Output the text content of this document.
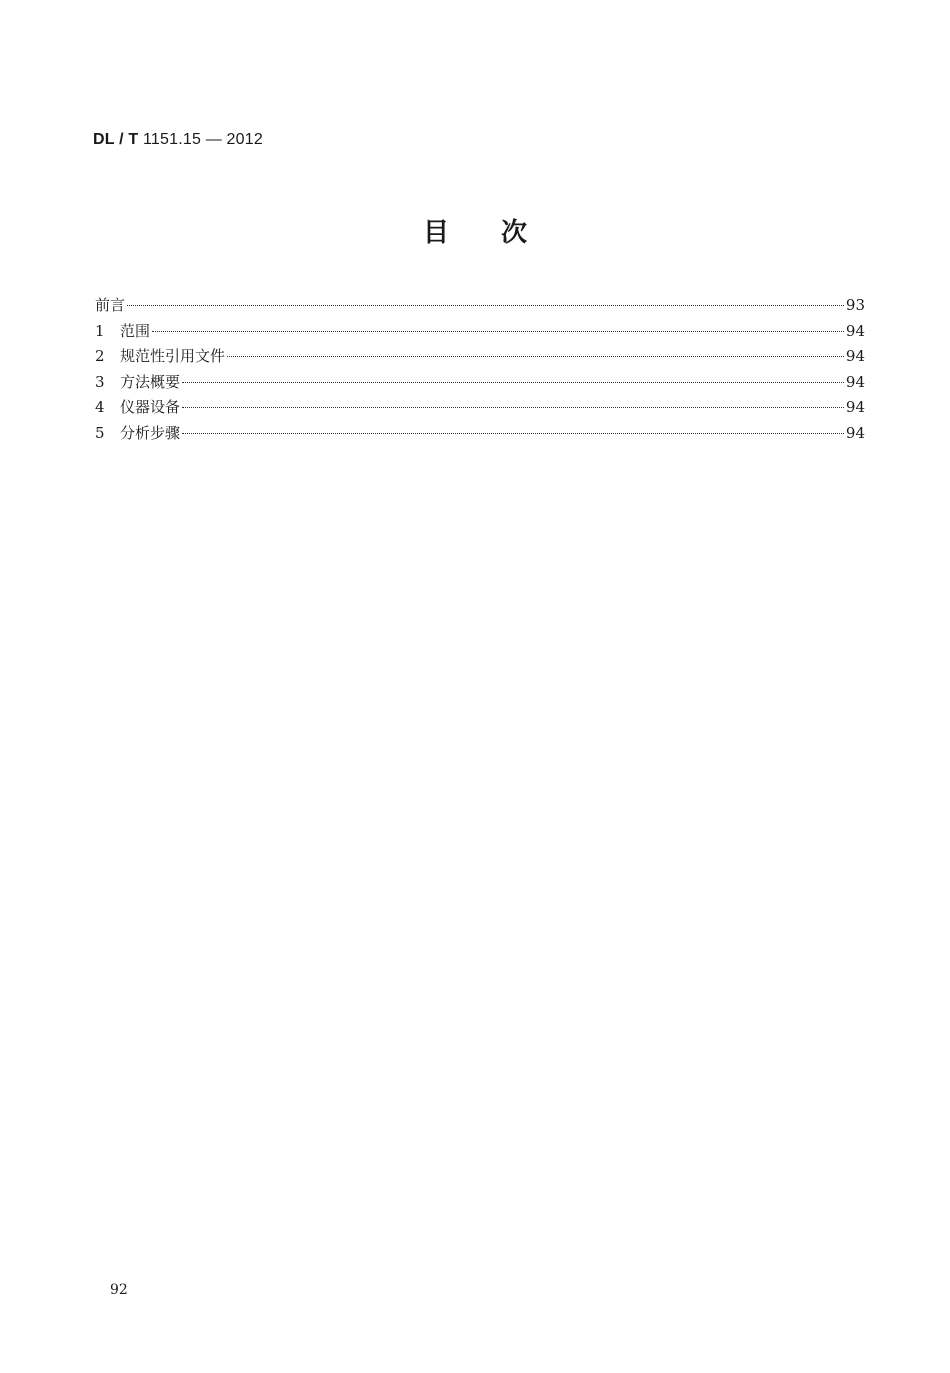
DL / T 1151.15 — 2012
目次
前言	93
1	范围	94
2	规范性引用文件	94
3	方法概要	94
4	仪器设备	94
5	分析步骤	94
92
